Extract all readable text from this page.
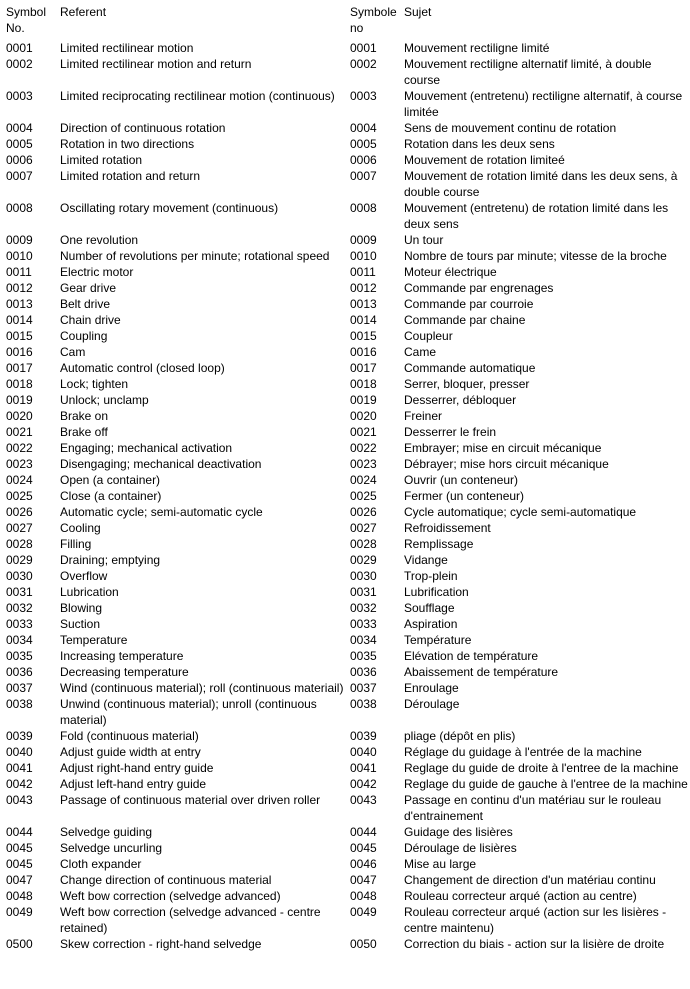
Symbol No.	Referent	Symbole no	Sujet
0001	Limited rectilinear motion	0001	Mouvement rectiligne limité
0002	Limited rectilinear motion and return	0002	Mouvement rectiligne alternatif limité, à double course
0003	Limited reciprocating rectilinear motion (continuous)	0003	Mouvement (entretenu) rectiligne alternatif, à course limitée
0004	Direction of continuous rotation	0004	Sens de mouvement continu de rotation
0005	Rotation in two directions	0005	Rotation dans les deux sens
0006	Limited rotation	0006	Mouvement de rotation limiteé
0007	Limited rotation and return	0007	Mouvement de rotation limité dans les deux sens, à double course
0008	Oscillating rotary movement (continuous)	0008	Mouvement (entretenu) de rotation limité dans les deux sens
0009	One revolution	0009	Un tour
0010	Number of revolutions per minute; rotational speed	0010	Nombre de tours par minute; vitesse de la broche
0011	Electric motor	0011	Moteur électrique
0012	Gear drive	0012	Commande par engrenages
0013	Belt drive	0013	Commande par courroie
0014	Chain drive	0014	Commande par chaine
0015	Coupling	0015	Coupleur
0016	Cam	0016	Came
0017	Automatic control (closed loop)	0017	Commande automatique
0018	Lock; tighten	0018	Serrer, bloquer, presser
0019	Unlock; unclamp	0019	Desserrer, débloquer
0020	Brake on	0020	Freiner
0021	Brake off	0021	Desserrer le frein
0022	Engaging; mechanical activation	0022	Embrayer; mise en circuit mécanique
0023	Disengaging; mechanical deactivation	0023	Débrayer; mise hors circuit mécanique
0024	Open (a container)	0024	Ouvrir (un conteneur)
0025	Close (a container)	0025	Fermer (un conteneur)
0026	Automatic cycle; semi-automatic cycle	0026	Cycle automatique; cycle semi-automatique
0027	Cooling	0027	Refroidissement
0028	Filling	0028	Remplissage
0029	Draining; emptying	0029	Vidange
0030	Overflow	0030	Trop-plein
0031	Lubrication	0031	Lubrification
0032	Blowing	0032	Soufflage
0033	Suction	0033	Aspiration
0034	Temperature	0034	Température
0035	Increasing temperature	0035	Elévation de température
0036	Decreasing temperature	0036	Abaissement de température
0037	Wind (continuous material); roll (continuous materiail)	0037	Enroulage
0038	Unwind (continuous material); unroll (continuous material)	0038	Déroulage
0039	Fold (continuous material)	0039	pliage (dépôt en plis)
0040	Adjust guide width at entry	0040	Réglage du guidage à l'entrée de la machine
0041	Adjust right-hand entry guide	0041	Reglage du guide de droite à l'entree de la machine
0042	Adjust left-hand entry guide	0042	Reglage du guide de gauche à l'entree de la machine
0043	Passage of continuous material over driven roller	0043	Passage en continu d'un matériau sur le rouleau d'entrainement
0044	Selvedge guiding	0044	Guidage des lisières
0045	Selvedge uncurling	0045	Déroulage de lisières
0045	Cloth expander	0046	Mise au large
0047	Change direction of continuous material	0047	Changement de direction d'un matériau continu
0048	Weft bow correction (selvedge advanced)	0048	Rouleau correcteur arqué (action au centre)
0049	Weft bow correction (selvedge advanced - centre retained)	0049	Rouleau correcteur arqué (action sur les lisières - centre maintenu)
0500	Skew correction - right-hand selvedge	0050	Correction du biais - action sur la lisière de droite
